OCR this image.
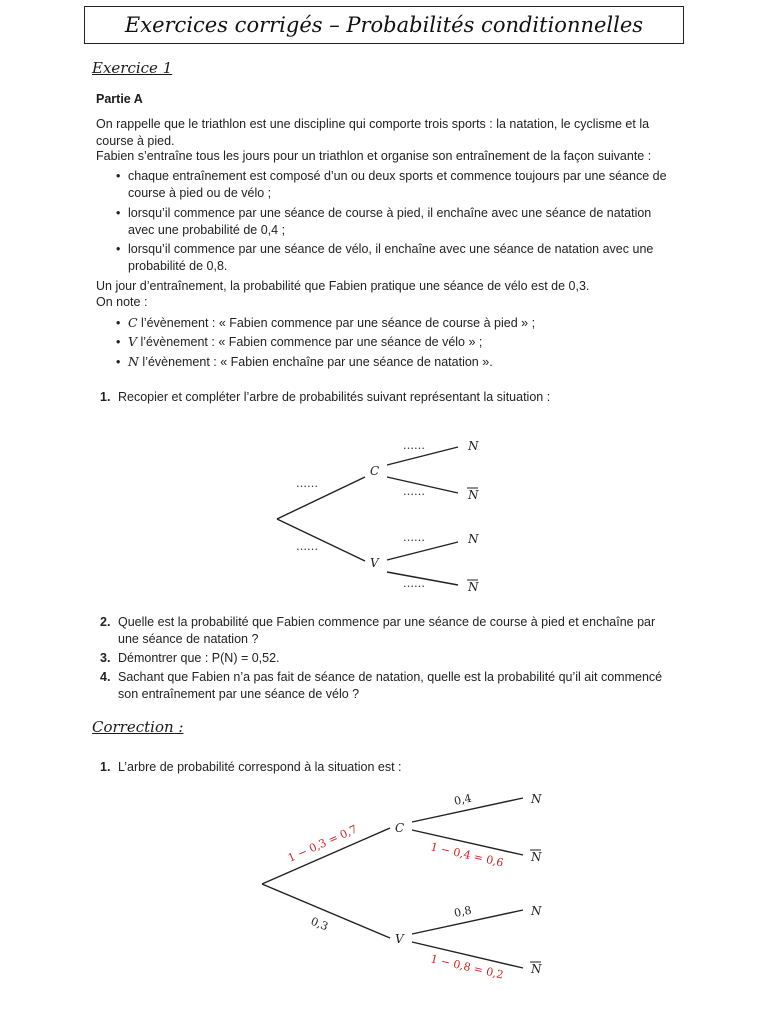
Exercices corrigés – Probabilités conditionnelles
Exercice 1
Partie A
On rappelle que le triathlon est une discipline qui comporte trois sports : la natation, le cyclisme et la course à pied.
Fabien s’entraîne tous les jours pour un triathlon et organise son entraînement de la façon suivante :
• chaque entraînement est composé d’un ou deux sports et commence toujours par une séance de course à pied ou de vélo ;
• lorsqu’il commence par une séance de course à pied, il enchaîne avec une séance de natation avec une probabilité de 0,4 ;
• lorsqu’il commence par une séance de vélo, il enchaîne avec une séance de natation avec une probabilité de 0,8.
Un jour d’entraînement, la probabilité que Fabien pratique une séance de vélo est de 0,3.
On note :
• C l’évènement : « Fabien commence par une séance de course à pied » ;
• V l’évènement : « Fabien commence par une séance de vélo » ;
• N l’évènement : « Fabien enchaîne par une séance de natation ».
1. Recopier et compléter l’arbre de probabilités suivant représentant la situation :
……
……
……
……
……
……
C
V
N
N
N
N
2. Quelle est la probabilité que Fabien commence par une séance de course à pied et enchaîne par une séance de natation ?
3. Démontrer que : P(N) = 0,52.
4. Sachant que Fabien n’a pas fait de séance de natation, quelle est la probabilité qu’il ait commencé son entraînement par une séance de vélo ?
Correction :
1. L’arbre de probabilité correspond à la situation est :
C
V
N
N
N
N
0,4
0,3
0,8
1 − 0,3 = 0,7	1 − 0,4 = 0,6
1 − 0,8 = 0,2
